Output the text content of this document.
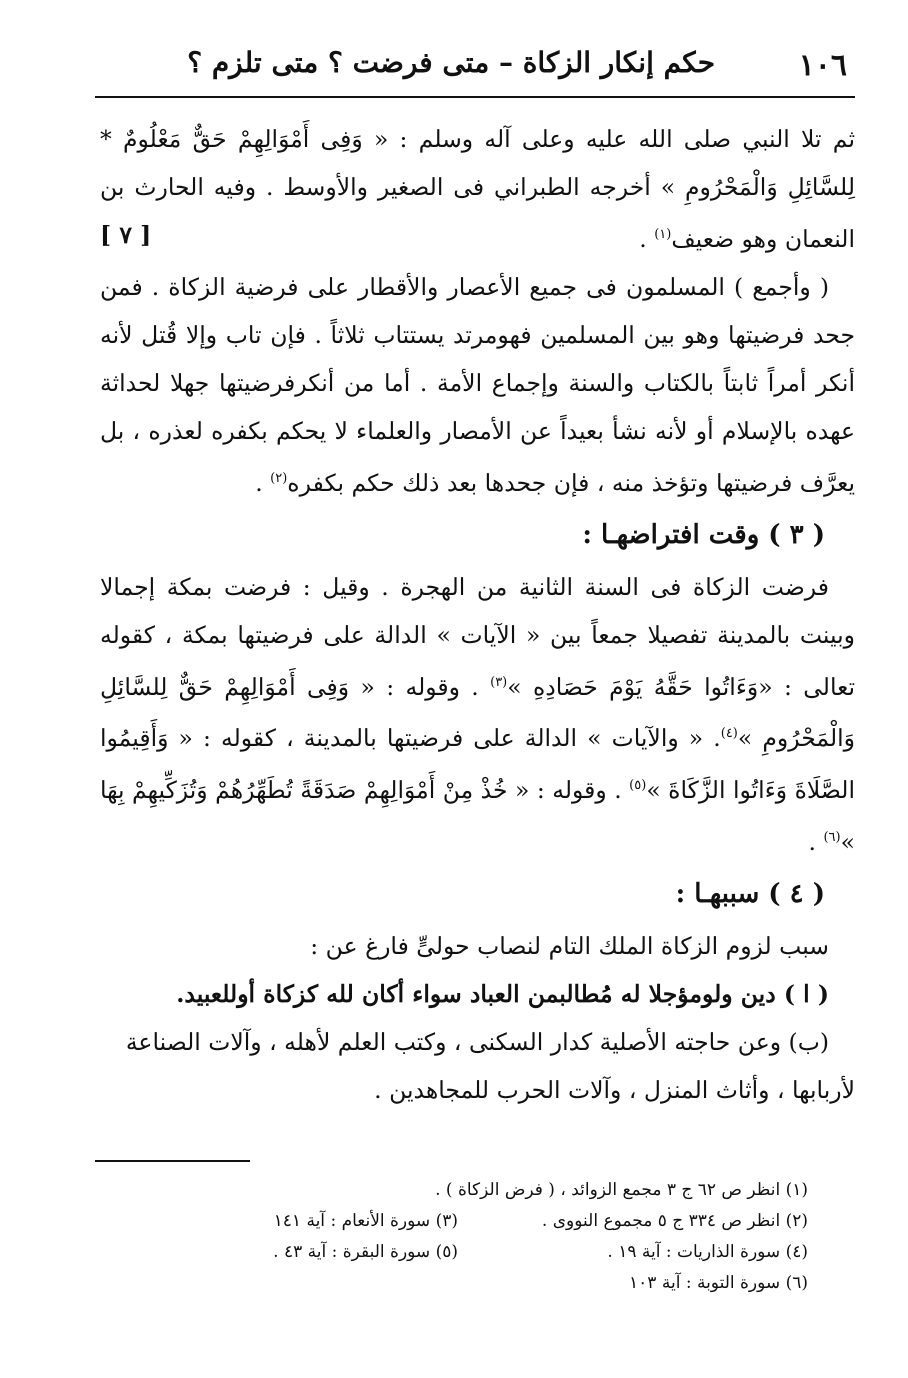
١٠٦
حكم إنكار الزكاة – متى فرضت ؟ متى تلزم ؟

ثم تلا النبي صلى الله عليه وعلى آله وسلم : « وَفِى أَمْوَالِهِمْ حَقٌّ مَعْلُومٌ * لِلسَّائِلِ وَالْمَحْرُومِ » أخرجه الطبراني فى الصغير والأوسط . وفيه الحارث بن النعمان وهو ضعيف$^{(١)}$ .
[ ٧ ]

( وأجمع ) المسلمون فى جميع الأعصار والأقطار على فرضية الزكاة . فمن جحد فرضيتها وهو بين المسلمين فهومرتد يستتاب ثلاثاً . فإن تاب وإلا قُتل لأنه أنكر أمراً ثابتاً بالكتاب والسنة وإجماع الأمة . أما من أنكرفرضيتها جهلا لحداثة عهده بالإسلام أو لأنه نشأ بعيداً عن الأمصار والعلماء لا يحكم بكفره لعذره ، بل يعرَّف فرضيتها وتؤخذ منه ، فإن جحدها بعد ذلك حكم بكفره$^{(٢)}$ .

( ٣ ) وقت افتراضهـا :

فرضت الزكاة فى السنة الثانية من الهجرة . وقيل : فرضت بمكة إجمالا وبينت بالمدينة تفصيلا جمعاً بين « الآيات » الدالة على فرضيتها بمكة ، كقوله تعالى : «وَءَاتُوا حَقَّهُ يَوْمَ حَصَادِهِ »$^{(٣)}$ . وقوله : « وَفِى أَمْوَالِهِمْ حَقٌّ لِلسَّائِلِ وَالْمَحْرُومِ »$^{(٤)}$. « والآيات » الدالة على فرضيتها بالمدينة ، كقوله : « وَأَقِيمُوا الصَّلَاةَ وَءَاتُوا الزَّكَاةَ »$^{(٥)}$ . وقوله : « خُذْ مِنْ أَمْوَالِهِمْ صَدَقَةً تُطَهِّرُهُمْ وَتُزَكِّيهِمْ بِهَا »$^{(٦)}$ .

( ٤ ) سببهـا :

سبب لزوم الزكاة الملك التام لنصاب حولىٍّ فارغ عن :

( ا ) دين ولومؤجلا له مُطالبمن العباد سواء أكان لله كزكاة أوللعبيد.

(ب) وعن حاجته الأصلية كدار السكنى ، وكتب العلم لأهله ، وآلات الصناعة لأربابها ، وأثاث المنزل ، وآلات الحرب للمجاهدين .

(١) انظر ص ٦٢ ج ٣ مجمع الزوائد ، ( فرض الزكاة ) .
(٢) انظر ص ٣٣٤ ج ٥ مجموع النووى .
(٣) سورة الأنعام : آية ١٤١
(٤) سورة الذاريات : آية ١٩ .
(٥) سورة البقرة : آية ٤٣ .
(٦) سورة التوبة : آية ١٠٣
